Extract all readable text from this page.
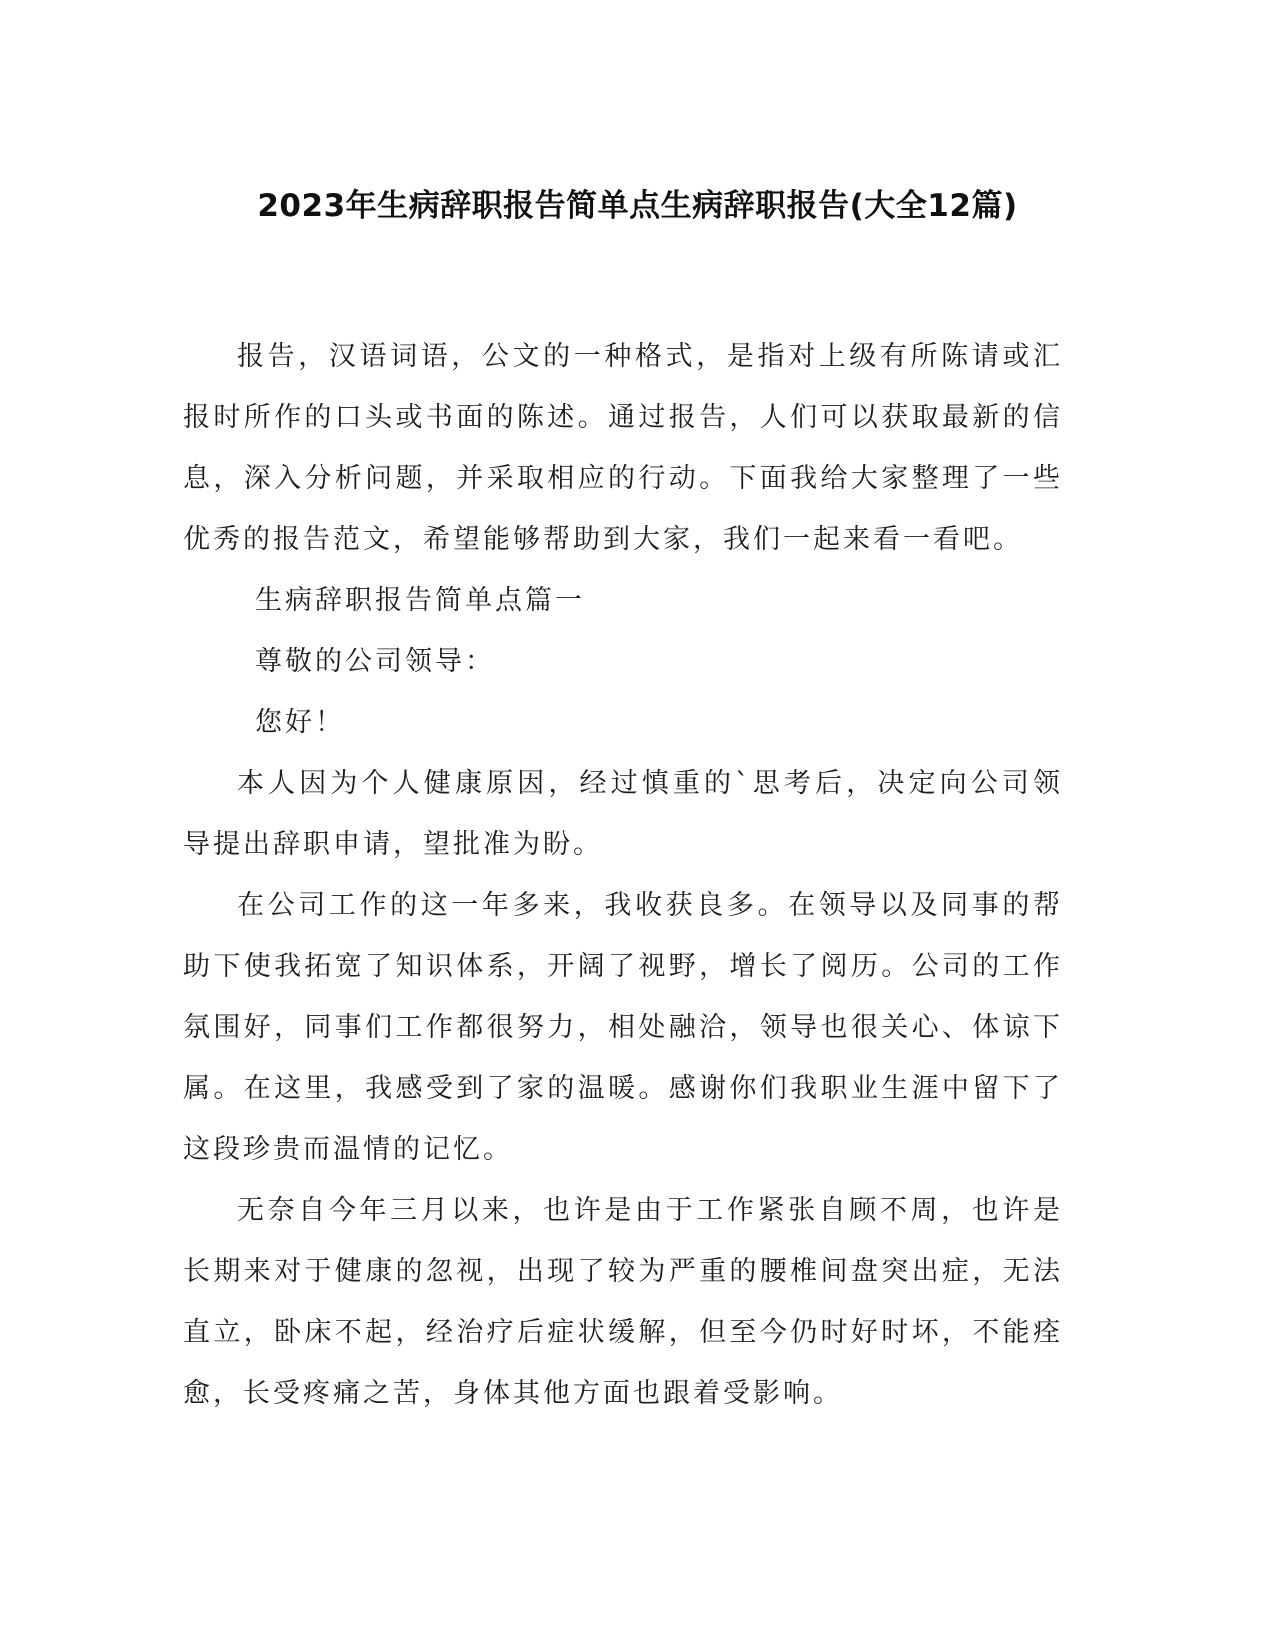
2023年生病辞职报告简单点生病辞职报告(大全12篇)

报告，汉语词语，公文的一种格式，是指对上级有所陈请或汇报时所作的口头或书面的陈述。通过报告，人们可以获取最新的信息，深入分析问题，并采取相应的行动。下面我给大家整理了一些优秀的报告范文，希望能够帮助到大家，我们一起来看一看吧。

生病辞职报告简单点篇一

尊敬的公司领导：

您好！

本人因为个人健康原因，经过慎重的`思考后，决定向公司领导提出辞职申请，望批准为盼。

在公司工作的这一年多来，我收获良多。在领导以及同事的帮助下使我拓宽了知识体系，开阔了视野，增长了阅历。公司的工作氛围好，同事们工作都很努力，相处融洽，领导也很关心、体谅下属。在这里，我感受到了家的温暖。感谢你们我职业生涯中留下了这段珍贵而温情的记忆。

无奈自今年三月以来，也许是由于工作紧张自顾不周，也许是长期来对于健康的忽视，出现了较为严重的腰椎间盘突出症，无法直立，卧床不起，经治疗后症状缓解，但至今仍时好时坏，不能痊愈，长受疼痛之苦，身体其他方面也跟着受影响。
